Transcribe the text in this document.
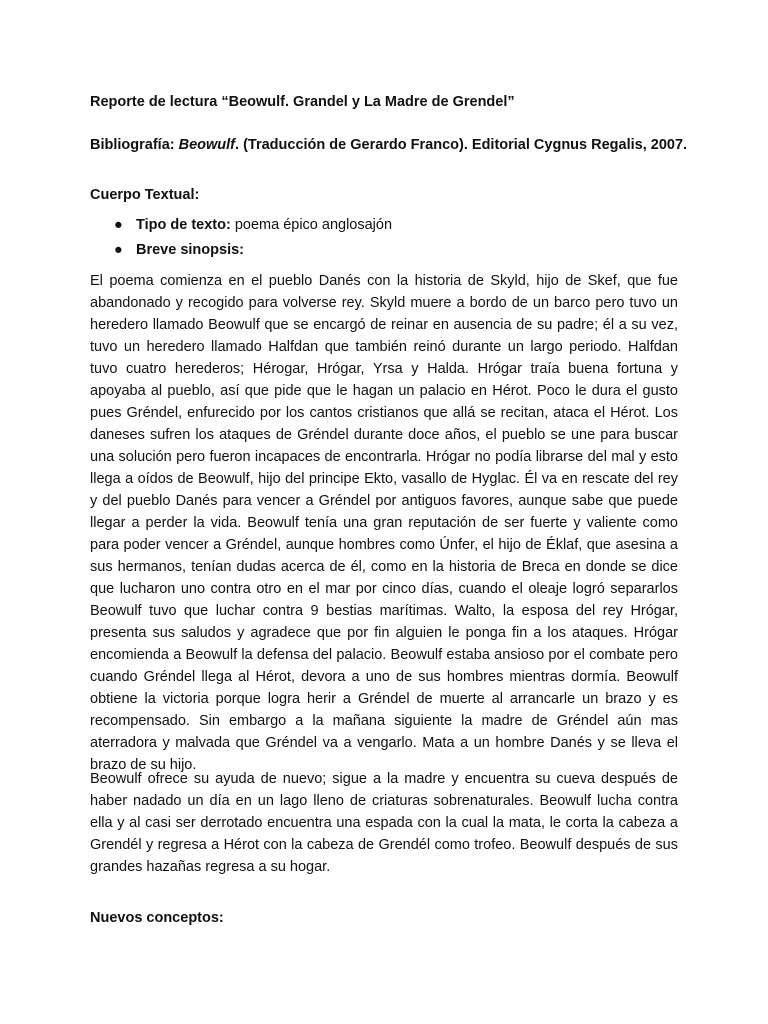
Reporte de lectura “Beowulf. Grandel y La Madre de Grendel”
Bibliografía: Beowulf. (Traducción de Gerardo Franco). Editorial Cygnus Regalis, 2007.
Cuerpo Textual:
● Tipo de texto: poema épico anglosajón
● Breve sinopsis:

El poema comienza en el pueblo Danés con la historia de Skyld, hijo de Skef, que fue abandonado y recogido para volverse rey. Skyld muere a bordo de un barco pero tuvo un heredero llamado Beowulf que se encargó de reinar en ausencia de su padre; él a su vez, tuvo un heredero llamado Halfdan que también reinó durante un largo periodo. Halfdan tuvo cuatro herederos; Hérogar, Hrógar, Yrsa y Halda. Hrógar traía buena fortuna y apoyaba al pueblo, así que pide que le hagan un palacio en Hérot. Poco le dura el gusto pues Gréndel, enfurecido por los cantos cristianos que allá se recitan, ataca el Hérot. Los daneses sufren los ataques de Gréndel durante doce años, el pueblo se une para buscar una solución pero fueron incapaces de encontrarla. Hrógar no podía librarse del mal y esto llega a oídos de Beowulf, hijo del principe Ekto, vasallo de Hyglac. Él va en rescate del rey y del pueblo Danés para vencer a Gréndel por antiguos favores, aunque sabe que puede llegar a perder la vida. Beowulf tenía una gran reputación de ser fuerte y valiente como para poder vencer a Gréndel, aunque hombres como Únfer, el hijo de Éklaf, que asesina a sus hermanos, tenían dudas acerca de él, como en la historia de Breca en donde se dice que lucharon uno contra otro en el mar por cinco días, cuando el oleaje logró separarlos Beowulf tuvo que luchar contra 9 bestias marítimas. Walto, la esposa del rey Hrógar, presenta sus saludos y agradece que por fin alguien le ponga fin a los ataques. Hrógar encomienda a Beowulf la defensa del palacio. Beowulf estaba ansioso por el combate pero cuando Gréndel llega al Hérot, devora a uno de sus hombres mientras dormía. Beowulf obtiene la victoria porque logra herir a Gréndel de muerte al arrancarle un brazo y es recompensado. Sin embargo a la mañana siguiente la madre de Gréndel aún mas aterradora y malvada que Gréndel va a vengarlo. Mata a un hombre Danés y se lleva el brazo de su hijo.

Beowulf ofrece su ayuda de nuevo; sigue a la madre y encuentra su cueva después de haber nadado un día en un lago lleno de criaturas sobrenaturales. Beowulf lucha contra ella y al casi ser derrotado encuentra una espada con la cual la mata, le corta la cabeza a Grendél y regresa a Hérot con la cabeza de Grendél como trofeo. Beowulf después de sus grandes hazañas regresa a su hogar.

Nuevos conceptos:
